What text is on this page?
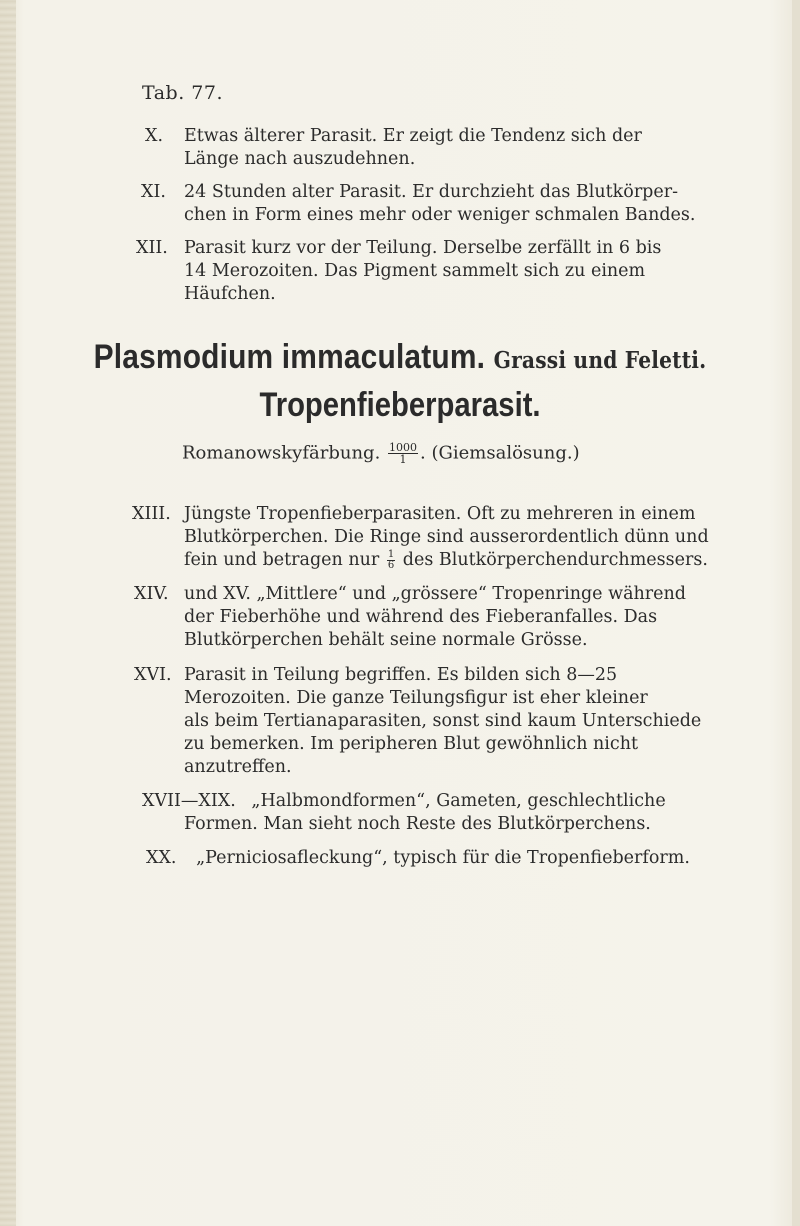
Tab. 77.
X. Etwas älterer Parasit. Er zeigt die Tendenz sich der
Länge nach auszudehnen.
XI. 24 Stunden alter Parasit. Er durchzieht das Blutkörper-
chen in Form eines mehr oder weniger schmalen Bandes.
XII. Parasit kurz vor der Teilung. Derselbe zerfällt in 6 bis
14 Merozoiten. Das Pigment sammelt sich zu einem
Häufchen.
Plasmodium immaculatum. Grassi und Feletti.
Tropenfieberparasit.
Romanowskyfärbung. $\frac{1000}{1}$ . (Giemsalösung.)
XIII. Jüngste Tropenfieberparasiten. Oft zu mehreren in einem
Blutkörperchen. Die Ringe sind ausserordentlich dünn und
fein und betragen nur $\frac{1}{6}$ des Blutkörperchendurchmessers.
XIV. und XV. „Mittlere“ und „grössere“ Tropenringe während
der Fieberhöhe und während des Fieberanfalles. Das
Blutkörperchen behält seine normale Grösse.
XVI. Parasit in Teilung begriffen. Es bilden sich 8—25
Merozoiten. Die ganze Teilungsfigur ist eher kleiner
als beim Tertianaparasiten, sonst sind kaum Unterschiede
zu bemerken. Im peripheren Blut gewöhnlich nicht
anzutreffen.
XVII—XIX. „Halbmondformen“, Gameten, geschlechtliche
Formen. Man sieht noch Reste des Blutkörperchens.
XX. „Perniciosafleckung“, typisch für die Tropenfieberform.
